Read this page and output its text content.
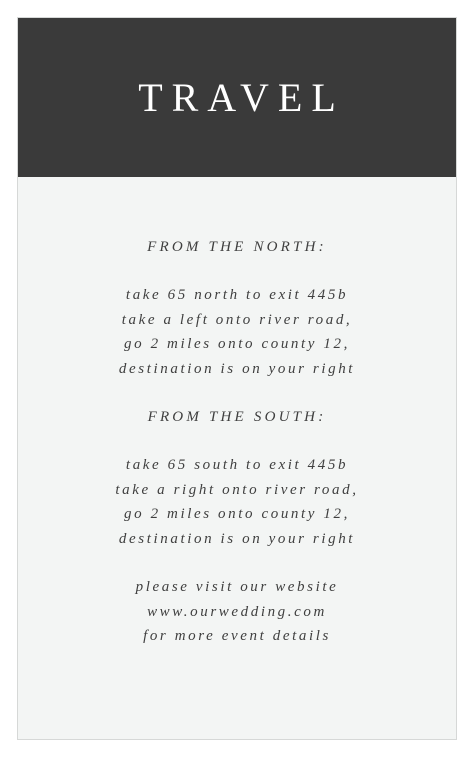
TRAVEL
FROM THE NORTH:
take 65 north to exit 445b
take a left onto river road,
go 2 miles onto county 12,
destination is on your right
FROM THE SOUTH:
take 65 south to exit 445b
take a right onto river road,
go 2 miles onto county 12,
destination is on your right
please visit our website
www.ourwedding.com
for more event details
